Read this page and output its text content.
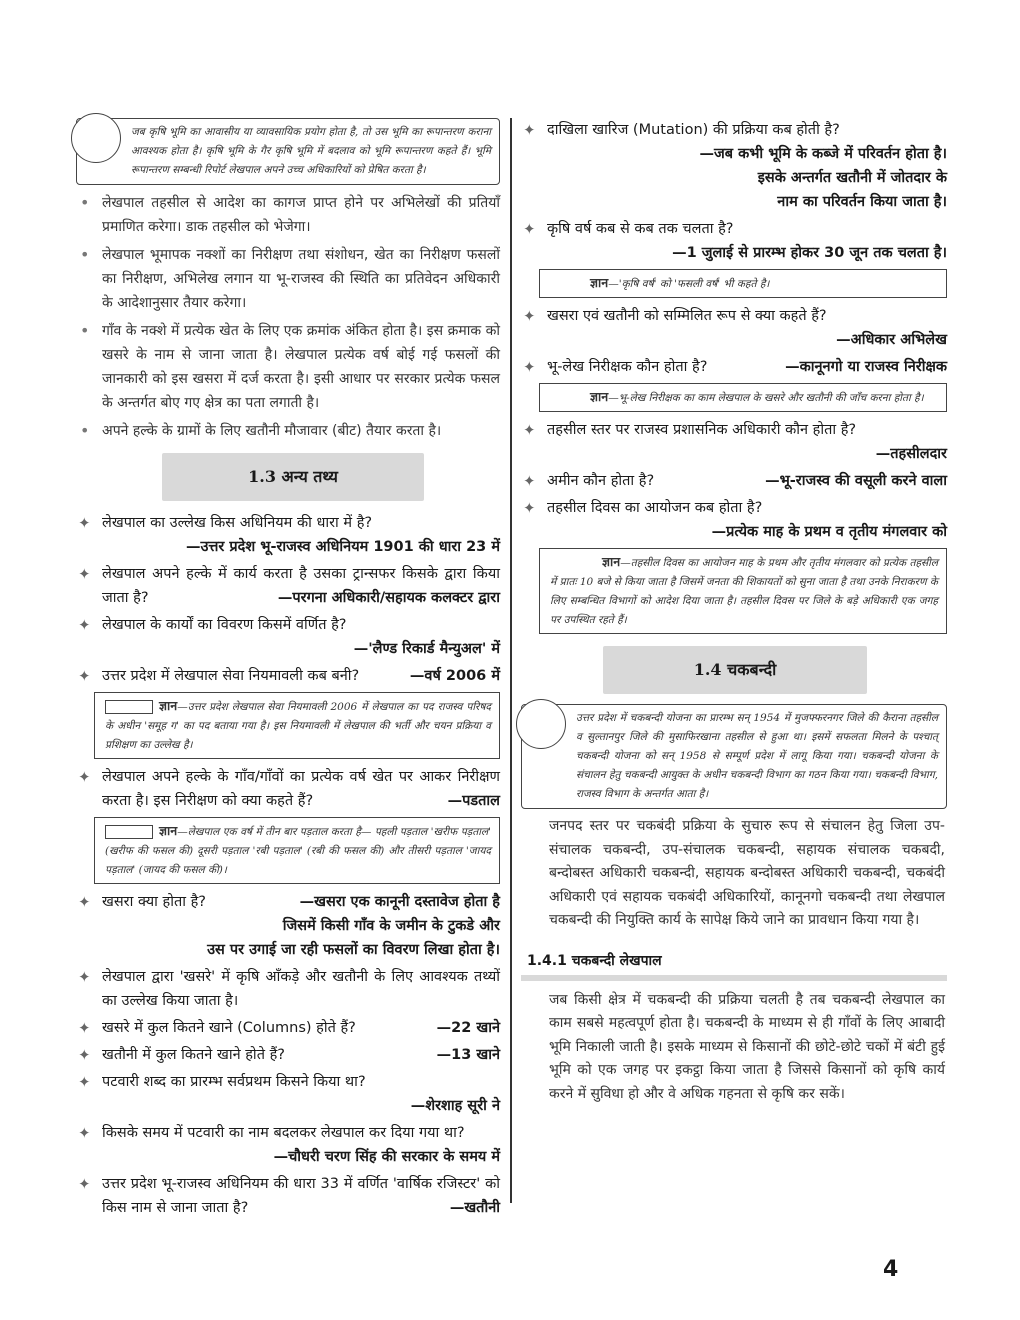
जब कृषि भूमि का आवासीय या व्यावसायिक प्रयोग होता है, तो उस भूमि का रूपान्तरण कराना आवश्यक होता है। कृषि भूमि के गैर कृषि भूमि में बदलाव को भूमि रूपान्तरण कहते हैं। भूमि रूपान्तरण सम्बन्धी रिपोर्ट लेखपाल अपने उच्च अधिकारियों को प्रेषित करता है।
• लेखपाल तहसील से आदेश का कागज प्राप्त होने पर अभिलेखों की प्रतियाँ प्रमाणित करेगा। डाक तहसील को भेजेगा।
• लेखपाल भूमापक नक्शों का निरीक्षण तथा संशोधन, खेत का निरीक्षण फसलों का निरीक्षण, अभिलेख लगान या भू-राजस्व की स्थिति का प्रतिवेदन अधिकारी के आदेशानुसार तैयार करेगा।
• गाँव के नक्शे में प्रत्येक खेत के लिए एक क्रमांक अंकित होता है। इस क्रमाक को खसरे के नाम से जाना जाता है। लेखपाल प्रत्येक वर्ष बोई गई फसलों की जानकारी को इस खसरा में दर्ज करता है। इसी आधार पर सरकार प्रत्येक फसल के अन्तर्गत बोए गए क्षेत्र का पता लगाती है।
• अपने हल्के के ग्रामों के लिए खतौनी मौजावार (बीट) तैयार करता है।
1.3 अन्य तथ्य
✦ लेखपाल का उल्लेख किस अधिनियम की धारा में है?
—उत्तर प्रदेश भू-राजस्व अधिनियम 1901 की धारा 23 में
✦ लेखपाल अपने हल्के में कार्य करता है उसका ट्रान्सफर किसके द्वारा किया जाता है?	—परगना अधिकारी/सहायक कलक्टर द्वारा
✦ लेखपाल के कार्यों का विवरण किसमें वर्णित है?
—'लैण्ड रिकार्ड मैन्युअल' में
✦ उत्तर प्रदेश में लेखपाल सेवा नियमावली कब बनी?	—वर्ष 2006 में
ज्ञान—उत्तर प्रदेश लेखपाल सेवा नियमावली 2006 में लेखपाल का पद राजस्व परिषद के अधीन 'समूह ग' का पद बताया गया है। इस नियमावली में लेखपाल की भर्ती और चयन प्रक्रिया व प्रशिक्षण का उल्लेख है।
✦ लेखपाल अपने हल्के के गाँव/गाँवों का प्रत्येक वर्ष खेत पर आकर निरीक्षण करता है। इस निरीक्षण को क्या कहते हैं?	—पडताल
ज्ञान—लेखपाल एक वर्ष में तीन बार पड़ताल करता है— पहली पड़ताल 'खरीफ पड़ताल' (खरीफ की फसल की) दूसरी पड़ताल 'रबी पड़ताल' (रबी की फसल की) और तीसरी पड़ताल 'जायद पड़ताल' (जायद की फसल की)।
✦ खसरा क्या होता है?	—खसरा एक कानूनी दस्तावेज होता है
जिसमें किसी गाँव के जमीन के टुकडे और
उस पर उगाई जा रही फसलों का विवरण लिखा होता है।
✦ लेखपाल द्वारा 'खसरे' में कृषि आँकड़े और खतौनी के लिए आवश्यक तथ्यों का उल्लेख किया जाता है।
✦ खसरे में कुल कितने खाने (Columns) होते हैं?	—22 खाने
✦ खतौनी में कुल कितने खाने होते हैं?	—13 खाने
✦ पटवारी शब्द का प्रारम्भ सर्वप्रथम किसने किया था?
—शेरशाह सूरी ने
✦ किसके समय में पटवारी का नाम बदलकर लेखपाल कर दिया गया था?
—चौधरी चरण सिंह की सरकार के समय में
✦ उत्तर प्रदेश भू-राजस्व अधिनियम की धारा 33 में वर्णित 'वार्षिक रजिस्टर' को किस नाम से जाना जाता है?	—खतौनी
✦ दाखिला खारिज (Mutation) की प्रक्रिया कब होती है?
—जब कभी भूमि के कब्जे में परिवर्तन होता है।
इसके अन्तर्गत खतौनी में जोतदार के
नाम का परिवर्तन किया जाता है।
✦ कृषि वर्ष कब से कब तक चलता है?
—1 जुलाई से प्रारम्भ होकर 30 जून तक चलता है।
ज्ञान—'कृषि वर्ष' को 'फसली वर्ष' भी कहते है।
✦ खसरा एवं खतौनी को सम्मिलित रूप से क्या कहते हैं?
—अधिकार अभिलेख
✦ भू-लेख निरीक्षक कौन होता है?	—कानूनगो या राजस्व निरीक्षक
ज्ञान—भू-लेख निरीक्षक का काम लेखपाल के खसरे और खतौनी की जाँच करना होता है।
✦ तहसील स्तर पर राजस्व प्रशासनिक अधिकारी कौन होता है?
—तहसीलदार
✦ अमीन कौन होता है?	—भू-राजस्व की वसूली करने वाला
✦ तहसील दिवस का आयोजन कब होता है?
—प्रत्येक माह के प्रथम व तृतीय मंगलवार को
ज्ञान—तहसील दिवस का आयोजन माह के प्रथम और तृतीय मंगलवार को प्रत्येक तहसील में प्रातः 10 बजे से किया जाता है जिसमें जनता की शिकायतों को सुना जाता है तथा उनके निराकरण के लिए सम्बन्धित विभागों को आदेश दिया जाता है। तहसील दिवस पर जिले के बड़े अधिकारी एक जगह पर उपस्थित रहते हैं।
1.4 चकबन्दी
उत्तर प्रदेश में चकबन्दी योजना का प्रारम्भ सन् 1954 में मुजफ्फरनगर जिले की कैराना तहसील व सुल्तानपुर जिले की मुसाफिरखाना तहसील से हुआ था। इसमें सफलता मिलने के पश्चात् चकबन्दी योजना को सन् 1958 से सम्पूर्ण प्रदेश में लागू किया गया। चकबन्दी योजना के संचालन हेतु चकबन्दी आयुक्त के अधीन चकबन्दी विभाग का गठन किया गया। चकबन्दी विभाग, राजस्व विभाग के अन्तर्गत आता है।
जनपद स्तर पर चकबंदी प्रक्रिया के सुचारु रूप से संचालन हेतु जिला उप-संचालक चकबन्दी, उप-संचालक चकबन्दी, सहायक संचालक चकबदी, बन्दोबस्त अधिकारी चकबन्दी, सहायक बन्दोबस्त अधिकारी चकबन्दी, चकबंदी अधिकारी एवं सहायक चकबंदी अधिकारियों, कानूनगो चकबन्दी तथा लेखपाल चकबन्दी की नियुक्ति कार्य के सापेक्ष किये जाने का प्रावधान किया गया है।
1.4.1 चकबन्दी लेखपाल
जब किसी क्षेत्र में चकबन्दी की प्रक्रिया चलती है तब चकबन्दी लेखपाल का काम सबसे महत्वपूर्ण होता है। चकबन्दी के माध्यम से ही गाँवों के लिए आबादी भूमि निकाली जाती है। इसके माध्यम से किसानों की छोटे-छोटे चकों में बंटी हुई भूमि को एक जगह पर इकट्ठा किया जाता है जिससे किसानों को कृषि कार्य करने में सुविधा हो और वे अधिक गहनता से कृषि कर सकें।
4
